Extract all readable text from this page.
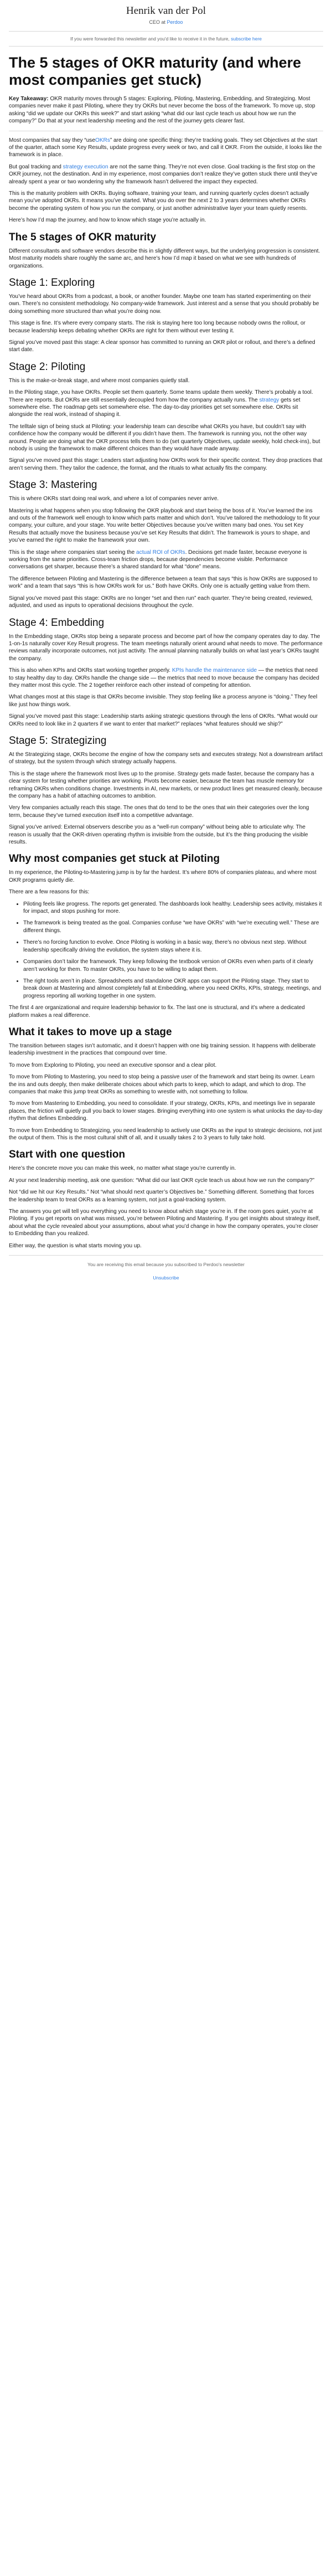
Henrik van der Pol

CEO at Perdoo

If you were forwarded this newsletter and you'd like to receive it in the future, subscribe here

The 5 stages of OKR maturity (and where most companies get stuck)

Key Takeaway: OKR maturity moves through 5 stages: Exploring, Piloting, Mastering, Embedding, and Strategizing. Most companies never make it past Piloting, where they try OKRs but never become the boss of the framework. To move up, stop asking “did we update our OKRs this week?” and start asking “what did our last cycle teach us about how we run the company?” Do that at your next leadership meeting and the rest of the journey gets clearer fast.

Most companies that say they “useOKRs” are doing one specific thing: they’re tracking goals. They set Objectives at the start of the quarter, attach some Key Results, update progress every week or two, and call it OKR. From the outside, it looks like the framework is in place.

But goal tracking and strategy execution are not the same thing. They’re not even close. Goal tracking is the first stop on the OKR journey, not the destination. And in my experience, most companies don’t realize they’ve gotten stuck there until they’ve already spent a year or two wondering why the framework hasn’t delivered the impact they expected.

This is the maturity problem with OKRs. Buying software, training your team, and running quarterly cycles doesn’t actually mean you’ve adopted OKRs. It means you’ve started. What you do over the next 2 to 3 years determines whether OKRs become the operating system of how you run the company, or just another administrative layer your team quietly resents.

Here’s how I’d map the journey, and how to know which stage you’re actually in.

The 5 stages of OKR maturity

Different consultants and software vendors describe this in slightly different ways, but the underlying progression is consistent. Most maturity models share roughly the same arc, and here’s how I’d map it based on what we see with hundreds of organizations.

Stage 1: Exploring

You’ve heard about OKRs from a podcast, a book, or another founder. Maybe one team has started experimenting on their own. There’s no consistent methodology. No company-wide framework. Just interest and a sense that you should probably be doing something more structured than what you’re doing now.

This stage is fine. It’s where every company starts. The risk is staying here too long because nobody owns the rollout, or because leadership keeps debating whether OKRs are right for them without ever testing it.

Signal you’ve moved past this stage: A clear sponsor has committed to running an OKR pilot or rollout, and there’s a defined start date.

Stage 2: Piloting

This is the make-or-break stage, and where most companies quietly stall.

In the Piloting stage, you have OKRs. People set them quarterly. Some teams update them weekly. There’s probably a tool. There are reports. But OKRs are still essentially decoupled from how the company actually runs. The strategy gets set somewhere else. The roadmap gets set somewhere else. The day-to-day priorities get set somewhere else. OKRs sit alongside the real work, instead of shaping it.

The telltale sign of being stuck at Piloting: your leadership team can describe what OKRs you have, but couldn’t say with confidence how the company would be different if you didn’t have them. The framework is running you, not the other way around. People are doing what the OKR process tells them to do (set quarterly Objectives, update weekly, hold check-ins), but nobody is using the framework to make different choices than they would have made anyway.

Signal you’ve moved past this stage: Leaders start adjusting how OKRs work for their specific context. They drop practices that aren’t serving them. They tailor the cadence, the format, and the rituals to what actually fits the company.

Stage 3: Mastering

This is where OKRs start doing real work, and where a lot of companies never arrive.

Mastering is what happens when you stop following the OKR playbook and start being the boss of it. You’ve learned the ins and outs of the framework well enough to know which parts matter and which don’t. You’ve tailored the methodology to fit your company, your culture, and your stage. You write better Objectives because you’ve written many bad ones. You set Key Results that actually move the business because you’ve set Key Results that didn’t. The framework is yours to shape, and you’ve earned the right to make the framework your own.

This is the stage where companies start seeing the actual ROI of OKRs. Decisions get made faster, because everyone is working from the same priorities. Cross-team friction drops, because dependencies become visible. Performance conversations get sharper, because there’s a shared standard for what “done” means.

The difference between Piloting and Mastering is the difference between a team that says “this is how OKRs are supposed to work” and a team that says “this is how OKRs work for us.” Both have OKRs. Only one is actually getting value from them.

Signal you’ve moved past this stage: OKRs are no longer “set and then run” each quarter. They’re being created, reviewed, adjusted, and used as inputs to operational decisions throughout the cycle.

Stage 4: Embedding

In the Embedding stage, OKRs stop being a separate process and become part of how the company operates day to day. The 1-on-1s naturally cover Key Result progress. The team meetings naturally orient around what needs to move. The performance reviews naturally incorporate outcomes, not just activity. The annual planning naturally builds on what last year’s OKRs taught the company.

This is also when KPIs and OKRs start working together properly. KPIs handle the maintenance side — the metrics that need to stay healthy day to day. OKRs handle the change side — the metrics that need to move because the company has decided they matter most this cycle. The 2 together reinforce each other instead of competing for attention.

What changes most at this stage is that OKRs become invisible. They stop feeling like a process anyone is “doing.” They feel like just how things work.

Signal you’ve moved past this stage: Leadership starts asking strategic questions through the lens of OKRs. “What would our OKRs need to look like in 2 quarters if we want to enter that market?” replaces “what features should we ship?”

Stage 5: Strategizing

At the Strategizing stage, OKRs become the engine of how the company sets and executes strategy. Not a downstream artifact of strategy, but the system through which strategy actually happens.

This is the stage where the framework most lives up to the promise. Strategy gets made faster, because the company has a clear system for testing whether priorities are working. Pivots become easier, because the team has muscle memory for reframing OKRs when conditions change. Investments in AI, new markets, or new product lines get measured cleanly, because the company has a habit of attaching outcomes to ambition.

Very few companies actually reach this stage. The ones that do tend to be the ones that win their categories over the long term, because they’ve turned execution itself into a competitive advantage.

Signal you’ve arrived: External observers describe you as a “well-run company” without being able to articulate why. The reason is usually that the OKR-driven operating rhythm is invisible from the outside, but it’s the thing producing the visible results.

Why most companies get stuck at Piloting

In my experience, the Piloting-to-Mastering jump is by far the hardest. It’s where 80% of companies plateau, and where most OKR programs quietly die.

There are a few reasons for this:

• Piloting feels like progress. The reports get generated. The dashboards look healthy. Leadership sees activity, mistakes it for impact, and stops pushing for more.
• The framework is being treated as the goal. Companies confuse “we have OKRs” with “we’re executing well.” These are different things.
• There’s no forcing function to evolve. Once Piloting is working in a basic way, there’s no obvious next step. Without leadership specifically driving the evolution, the system stays where it is.
• Companies don’t tailor the framework. They keep following the textbook version of OKRs even when parts of it clearly aren’t working for them. To master OKRs, you have to be willing to adapt them.
• The right tools aren’t in place. Spreadsheets and standalone OKR apps can support the Piloting stage. They start to break down at Mastering and almost completely fall at Embedding, where you need OKRs, KPIs, strategy, meetings, and progress reporting all working together in one system.

The first 4 are organizational and require leadership behavior to fix. The last one is structural, and it’s where a dedicated platform makes a real difference.

What it takes to move up a stage

The transition between stages isn’t automatic, and it doesn’t happen with one big training session. It happens with deliberate leadership investment in the practices that compound over time.

To move from Exploring to Piloting, you need an executive sponsor and a clear pilot.

To move from Piloting to Mastering, you need to stop being a passive user of the framework and start being its owner. Learn the ins and outs deeply, then make deliberate choices about which parts to keep, which to adapt, and which to drop. The companies that make this jump treat OKRs as something to wrestle with, not something to follow.

To move from Mastering to Embedding, you need to consolidate. If your strategy, OKRs, KPIs, and meetings live in separate places, the friction will quietly pull you back to lower stages. Bringing everything into one system is what unlocks the day-to-day rhythm that defines Embedding.

To move from Embedding to Strategizing, you need leadership to actively use OKRs as the input to strategic decisions, not just the output of them. This is the most cultural shift of all, and it usually takes 2 to 3 years to fully take hold.

Start with one question

Here’s the concrete move you can make this week, no matter what stage you’re currently in.

At your next leadership meeting, ask one question: “What did our last OKR cycle teach us about how we run the company?”

Not “did we hit our Key Results.” Not “what should next quarter’s Objectives be.” Something different. Something that forces the leadership team to treat OKRs as a learning system, not just a goal-tracking system.

The answers you get will tell you everything you need to know about which stage you’re in. If the room goes quiet, you’re at Piloting. If you get reports on what was missed, you’re between Piloting and Mastering. If you get insights about strategy itself, about what the cycle revealed about your assumptions, about what you’d change in how the company operates, you’re closer to Embedding than you realized.

Either way, the question is what starts moving you up.

You are receiving this email because you subscribed to Perdoo's newsletter

Unsubscribe
